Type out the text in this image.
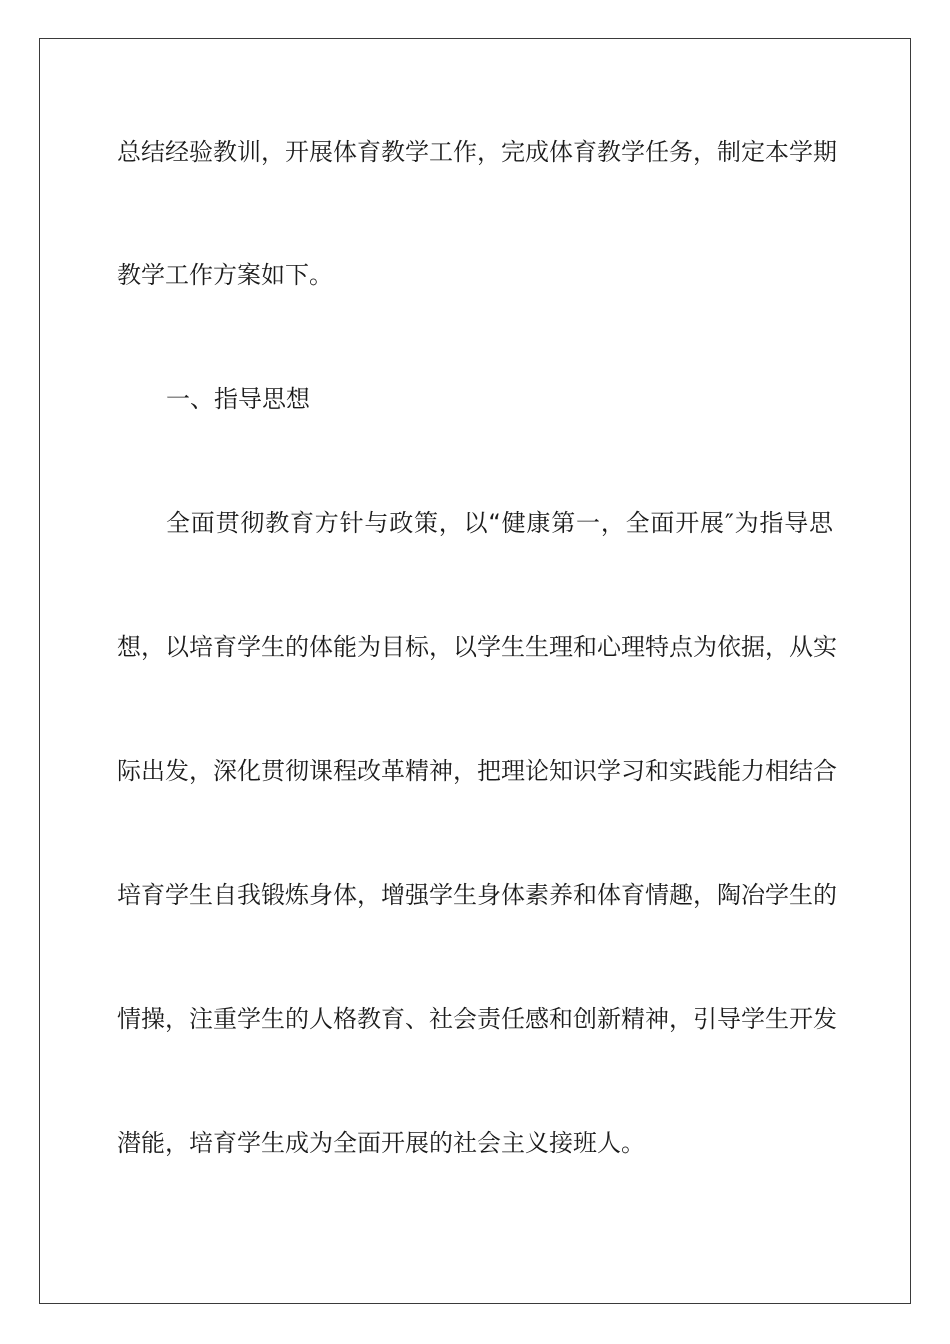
总结经验教训，开展体育教学工作，完成体育教学任务，制定本学期
教学工作方案如下。
一、指导思想
全面贯彻教育方针与政策，以“健康第一，全面开展″为指导思
想，以培育学生的体能为目标，以学生生理和心理特点为依据，从实
际出发，深化贯彻课程改革精神，把理论知识学习和实践能力相结合
培育学生自我锻炼身体，增强学生身体素养和体育情趣，陶冶学生的
情操，注重学生的人格教育、社会责任感和创新精神，引导学生开发
潜能，培育学生成为全面开展的社会主义接班人。
